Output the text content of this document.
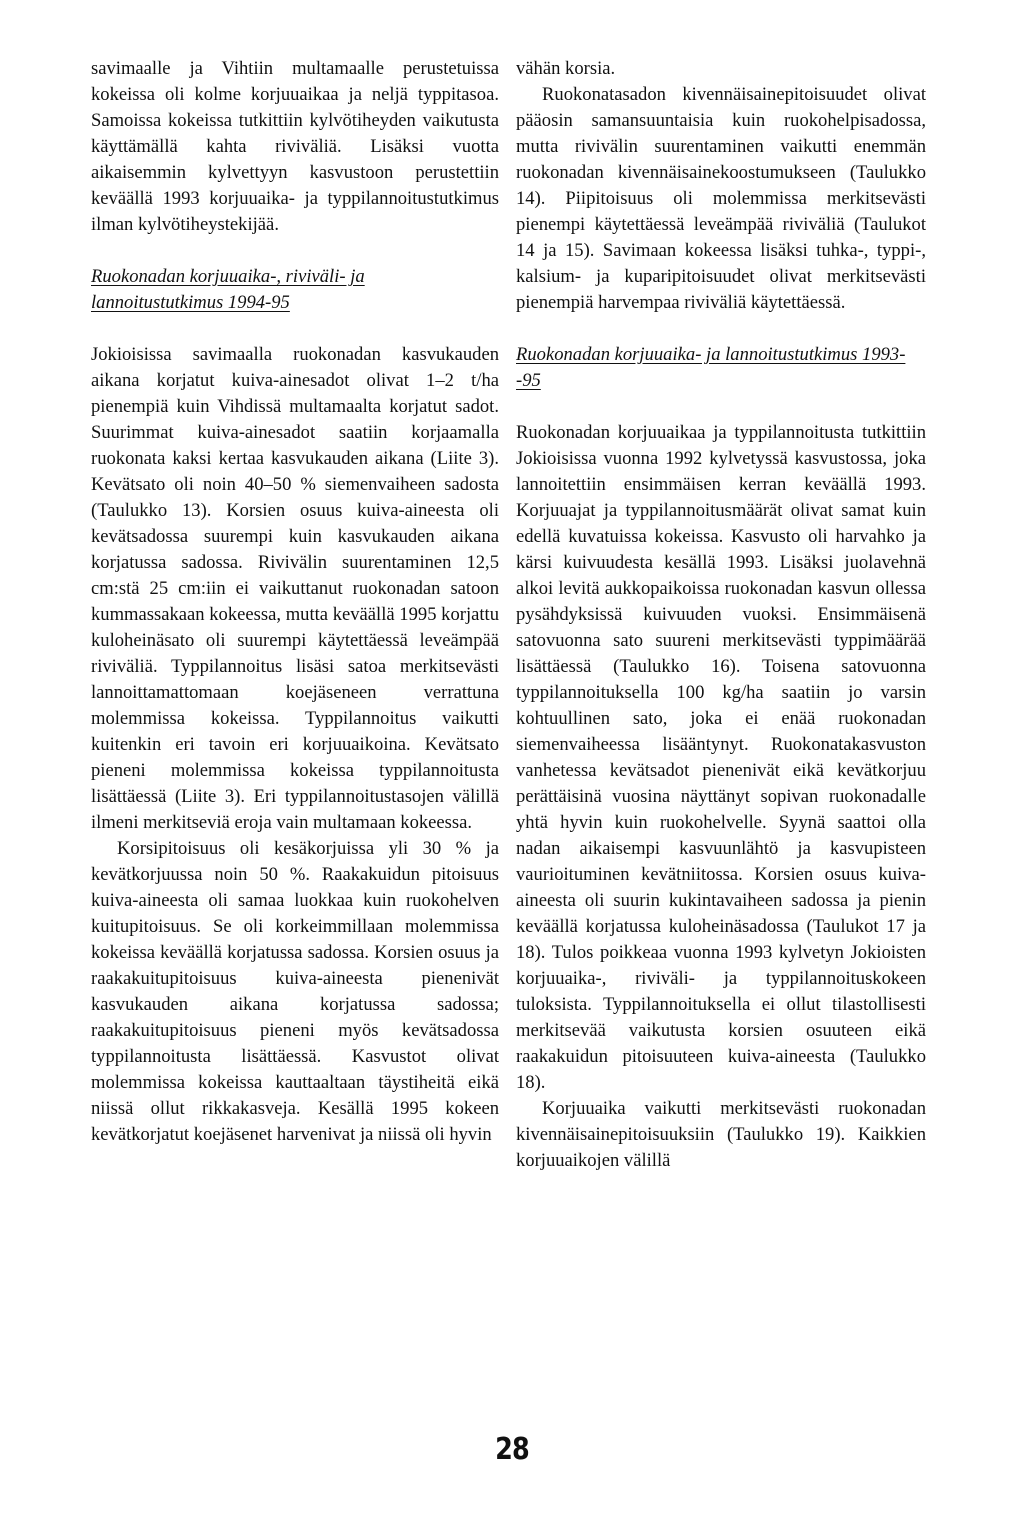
savimaalle ja Vihtiin multamaalle perustetuissa kokeissa oli kolme korjuuaikaa ja neljä typpitasoa. Samoissa kokeissa tutkittiin kylvötiheyden vaikutusta käyttämällä kahta riviväliä. Lisäksi vuotta aikaisemmin kylvettyyn kasvustoon perustettiin keväällä 1993 korjuuaika- ja typpilannoitustutkimus ilman kylvötiheystekijää.

Ruokonadan korjuuaika-, riviväli- ja lannoitustutkimus 1994-95

Jokioisissa savimaalla ruokonadan kasvukauden aikana korjatut kuiva-ainesadot olivat 1–2 t/ha pienempiä kuin Vihdissä multamaalta korjatut sadot. Suurimmat kuiva-ainesadot saatiin korjaamalla ruokonata kaksi kertaa kasvukauden aikana (Liite 3). Kevätsato oli noin 40–50 % siemenvaiheen sadosta (Taulukko 13). Korsien osuus kuiva-aineesta oli kevätsadossa suurempi kuin kasvukauden aikana korjatussa sadossa. Rivivälin suurentaminen 12,5 cm:stä 25 cm:iin ei vaikuttanut ruokonadan satoon kummassakaan kokeessa, mutta keväällä 1995 korjattu kuloheinäsato oli suurempi käytettäessä leveämpää riviväliä. Typpilannoitus lisäsi satoa merkitsevästi lannoittamattomaan koejäseneen verrattuna molemmissa kokeissa. Typpilannoitus vaikutti kuitenkin eri tavoin eri korjuuaikoina. Kevätsato pieneni molemmissa kokeissa typpilannoitusta lisättäessä (Liite 3). Eri typpilannoitustasojen välillä ilmeni merkitseviä eroja vain multamaan kokeessa.

Korsipitoisuus oli kesäkorjuissa yli 30 % ja kevätkorjuussa noin 50 %. Raakakuidun pitoisuus kuiva-aineesta oli samaa luokkaa kuin ruokohelven kuitupitoisuus. Se oli korkeimmillaan molemmissa kokeissa keväällä korjatussa sadossa. Korsien osuus ja raakakuitupitoisuus kuiva-aineesta pienenivät kasvukauden aikana korjatussa sadossa; raakakuitupitoisuus pieneni myös kevätsadossa typpilannoitusta lisättäessä. Kasvustot olivat molemmissa kokeissa kauttaaltaan täystiheitä eikä niissä ollut rikkakasveja. Kesällä 1995 kokeen kevätkorjatut koejäsenet harvenivat ja niissä oli hyvin

vähän korsia.

Ruokonatasadon kivennäisainepitoisuudet olivat pääosin samansuuntaisia kuin ruokohelpisadossa, mutta rivivälin suurentaminen vaikutti enemmän ruokonadan kivennäisainekoostumukseen (Taulukko 14). Piipitoisuus oli molemmissa merkitsevästi pienempi käytettäessä leveämpää riviväliä (Taulukot 14 ja 15). Savimaan kokeessa lisäksi tuhka-, typpi-, kalsium- ja kuparipitoisuudet olivat merkitsevästi pienempiä harvempaa riviväliä käytettäessä.

Ruokonadan korjuuaika- ja lannoitustutkimus 1993--95

Ruokonadan korjuuaikaa ja typpilannoitusta tutkittiin Jokioisissa vuonna 1992 kylvetyssä kasvustossa, joka lannoitettiin ensimmäisen kerran keväällä 1993. Korjuuajat ja typpilannoitusmäärät olivat samat kuin edellä kuvatuissa kokeissa. Kasvusto oli harvahko ja kärsi kuivuudesta kesällä 1993. Lisäksi juolavehnä alkoi levitä aukkopaikoissa ruokonadan kasvun ollessa pysähdyksissä kuivuuden vuoksi. Ensimmäisenä satovuonna sato suureni merkitsevästi typpimäärää lisättäessä (Taulukko 16). Toisena satovuonna typpilannoituksella 100 kg/ha saatiin jo varsin kohtuullinen sato, joka ei enää ruokonadan siemenvaiheessa lisääntynyt. Ruokonatakasvuston vanhetessa kevätsadot pienenivät eikä kevätkorjuu perättäisinä vuosina näyttänyt sopivan ruokonadalle yhtä hyvin kuin ruokohelvelle. Syynä saattoi olla nadan aikaisempi kasvuunlähtö ja kasvupisteen vaurioituminen kevätniitossa. Korsien osuus kuiva-aineesta oli suurin kukintavaiheen sadossa ja pienin keväällä korjatussa kuloheinäsadossa (Taulukot 17 ja 18). Tulos poikkeaa vuonna 1993 kylvetyn Jokioisten korjuuaika-, riviväli- ja typpilannoituskokeen tuloksista. Typpilannoituksella ei ollut tilastollisesti merkitsevää vaikutusta korsien osuuteen eikä raakakuidun pitoisuuteen kuiva-aineesta (Taulukko 18).

Korjuuaika vaikutti merkitsevästi ruokonadan kivennäisainepitoisuuksiin (Taulukko 19). Kaikkien korjuuaikojen välillä

28
